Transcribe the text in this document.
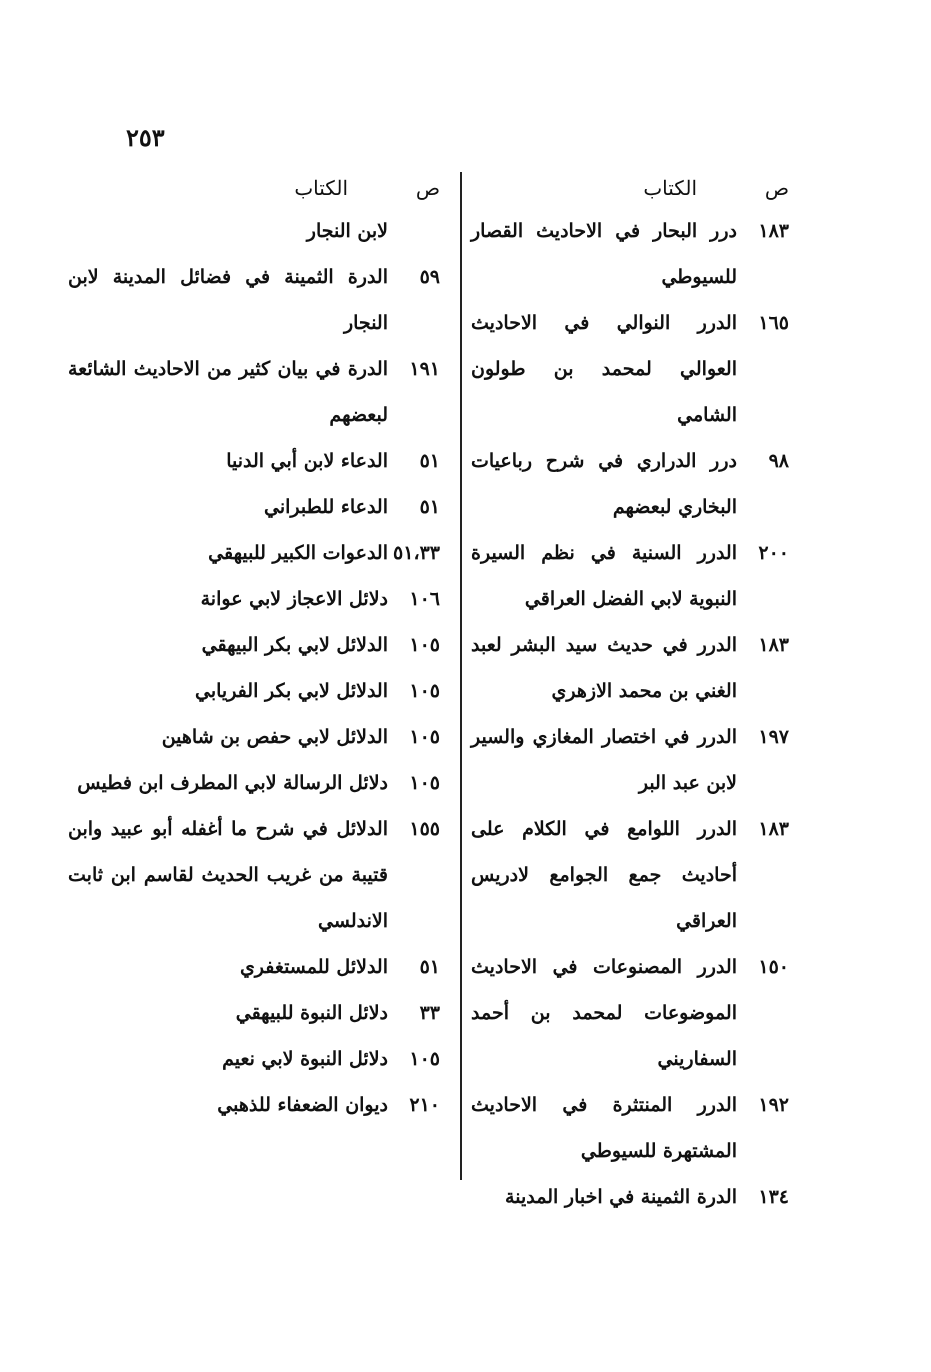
٢٥٣
ص
الكتاب
١٨٣
درر البحار في الاحاديث القصار للسيوطي
١٦٥
الدرر النوالي في الاحاديث العوالي لمحمد بن طولون الشامي
٩٨
درر الدراري في شرح رباعيات البخاري لبعضهم
٢٠٠
الدرر السنية في نظم السيرة النبوية لابي الفضل العراقي
١٨٣
الدرر في حديث سيد البشر لعبد الغني بن محمد الازهري
١٩٧
الدرر في اختصار المغازي والسير لابن عبد البر
١٨٣
الدرر اللوامع في الكلام على أحاديث جمع الجوامع لادريس العراقي
١٥٠
الدرر المصنوعات في الاحاديث الموضوعات لمحمد بن أحمد السفاريني
١٩٢
الدرر المنتثرة في الاحاديث المشتهرة للسيوطي
١٣٤
الدرة الثمينة في اخبار المدينة
ص
الكتاب
لابن النجار
٥٩
الدرة الثمينة في فضائل المدينة لابن النجار
١٩١
الدرة في بيان كثير من الاحاديث الشائعة لبعضهم
٥١
الدعاء لابن أبي الدنيا
٥١
الدعاء للطبراني
٥١،٣٣
الدعوات الكبير للبيهقي
١٠٦
دلائل الاعجاز لابي عوانة
١٠٥
الدلائل لابي بكر البيهقي
١٠٥
الدلائل لابي بكر الفريابي
١٠٥
الدلائل لابي حفص بن شاهين
١٠٥
دلائل الرسالة لابي المطرف ابن فطيس
١٥٥
الدلائل في شرح ما أغفله أبو عبيد وابن قتيبة من غريب الحديث لقاسم ابن ثابت الاندلسي
٥١
الدلائل للمستغفري
٣٣
دلائل النبوة للبيهقي
١٠٥
دلائل النبوة لابي نعيم
٢١٠
ديوان الضعفاء للذهبي
